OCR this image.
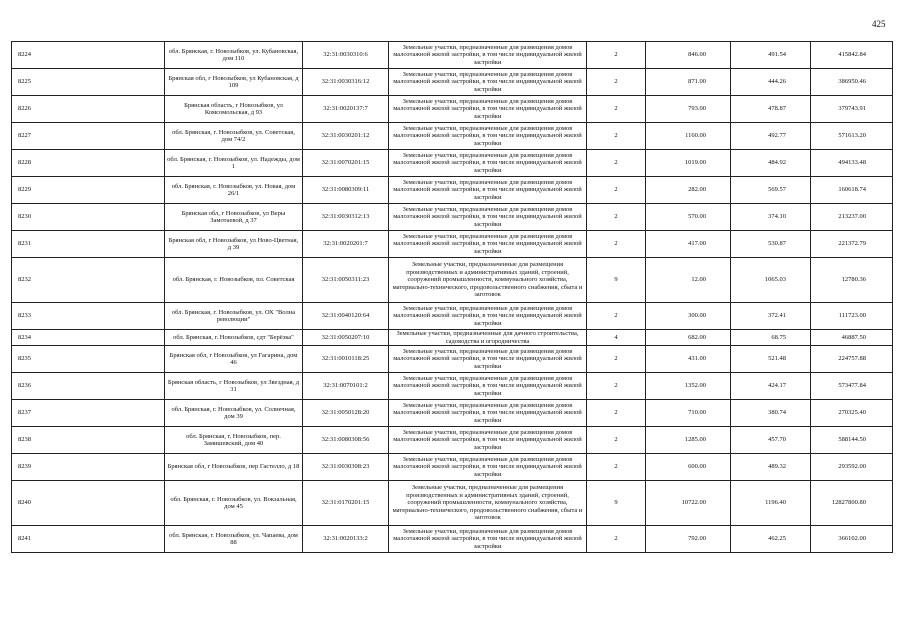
425
8224	обл. Брянская, г. Новозыбков, ул. Кубановская, дом 110	32:31:0030310:6	Земельные участки, предназначенные для размещения домов малоэтажной жилой застройки, в том числе индивидуальной жилой застройки	2	846.00	491.54	415842.84
8225	Брянская обл, г Новозыбков, ул Кубановская, д 109	32:31:0030316:12	Земельные участки, предназначенные для размещения домов малоэтажной жилой застройки, в том числе индивидуальной жилой застройки	2	871.00	444.26	386950.46
8226	Брянская область, г Новозыбков, ул Комсомольская, д 93	32:31:0020137:7	Земельные участки, предназначенные для размещения домов малоэтажной жилой застройки, в том числе индивидуальной жилой застройки	2	793.00	478.87	379743.91
8227	обл. Брянская, г. Новозыбков, ул. Советская, дом 74/2	32:31:0030201:12	Земельные участки, предназначенные для размещения домов малоэтажной жилой застройки, в том числе индивидуальной жилой застройки	2	1160.00	492.77	571613.20
8228	обл. Брянская, г. Новозыбков, ул. Надежды, дом 1	32:31:0070201:15	Земельные участки, предназначенные для размещения домов малоэтажной жилой застройки, в том числе индивидуальной жилой застройки	2	1019.00	484.92	494133.48
8229	обл. Брянская, г. Новозыбков, ул. Новая, дом 26/1	32:31:0080309:11	Земельные участки, предназначенные для размещения домов малоэтажной жилой застройки, в том числе индивидуальной жилой застройки	2	282.00	569.57	160618.74
8230	Брянская обл, г Новозыбков, ул Веры Замотаевой, д 37	32:31:0030312:13	Земельные участки, предназначенные для размещения домов малоэтажной жилой застройки, в том числе индивидуальной жилой застройки	2	570.00	374.10	213237.00
8231	Брянская обл, г Новозыбков, ул Ново-Цветная, д 39	32:31:0020201:7	Земельные участки, предназначенные для размещения домов малоэтажной жилой застройки, в том числе индивидуальной жилой застройки	2	417.00	530.87	221372.79
8232	обл. Брянская, г. Новозыбков, пл. Советская	32:31:0050311:23	Земельные участки, предназначенные для размещения производственных и административных зданий, строений, сооружений промышленности, коммунального хозяйства, материально-технического, продовольственного снабжения, сбыта и заготовок	9	12.00	1065.03	12780.36
8233	обл. Брянская, г. Новозыбков, ул. ОХ "Волна революции"	32:31:0040120:64	Земельные участки, предназначенные для размещения домов малоэтажной жилой застройки, в том числе индивидуальной жилой застройки	2	300.00	372.41	111723.00
8234	обл. Брянская, г. Новозыбков, сдт "Берёзка"	32:31:0050207:10	Земельные участки, предназначенные для дачного строительства, садоводства и огородничества	4	682.00	68.75	46887.50
8235	Брянская обл, г Новозыбков, ул Гагарина, дом 46	32:31:0010118:25	Земельные участки, предназначенные для размещения домов малоэтажной жилой застройки, в том числе индивидуальной жилой застройки	2	431.00	521.48	224757.88
8236	Брянская область, г Новозыбков, ул Звездная, д 31	32:31:0070101:2	Земельные участки, предназначенные для размещения домов малоэтажной жилой застройки, в том числе индивидуальной жилой застройки	2	1352.00	424.17	573477.84
8237	обл. Брянская, г. Новозыбков, ул. Солнечная, дом 39	32:31:0050128:20	Земельные участки, предназначенные для размещения домов малоэтажной жилой застройки, в том числе индивидуальной жилой застройки	2	710.00	380.74	270325.40
8238	обл. Брянская, г. Новозыбков, пер. Замишевский, дом 40	32:31:0080308:56	Земельные участки, предназначенные для размещения домов малоэтажной жилой застройки, в том числе индивидуальной жилой застройки	2	1285.00	457.70	588144.50
8239	Брянская обл, г Новозыбков, пер Гастелло, д 18	32:31:0030308:23	Земельные участки, предназначенные для размещения домов малоэтажной жилой застройки, в том числе индивидуальной жилой застройки	2	600.00	489.32	293592.00
8240	обл. Брянская, г. Новозыбков, ул. Вокзальная, дом 45	32:31:0170201:15	Земельные участки, предназначенные для размещения производственных и административных зданий, строений, сооружений промышленности, коммунального хозяйства, материально-технического, продовольственного снабжения, сбыта и заготовок	9	10722.00	1196.40	12827800.80
8241	обл. Брянская, г. Новозыбков, ул. Чапаева, дом 88	32:31:0020133:2	Земельные участки, предназначенные для размещения домов малоэтажной жилой застройки, в том числе индивидуальной жилой застройки	2	792.00	462.25	366102.00
